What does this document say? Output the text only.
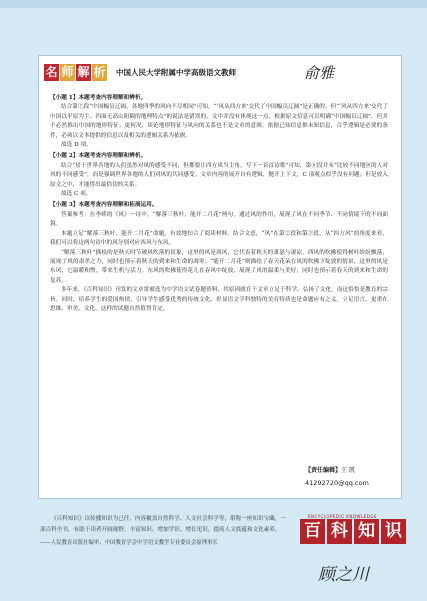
名 师 解 析 中国人民大学附属中学高级语文教师	俞雅

【小题 1】本题考查内容理解和辨析。

结合第⑦段“中国幅员辽阔，各地四季的风向不尽相同”可知，“‘风从四方来’交代了中国幅员辽阔”是正确的；但“‘风从四方来’交代了中国以平原为主、四面无高山阻隔的地理特点”的说法是错误的，文中并没有体现这一点。根据原文信息可以明确“中国幅员辽阔”，但并不必然推出中国的地形特征；更何况，谈论地形特征与风向的关系也不是文章的意图。依据已知信息推未知信息，合乎逻辑是必要的条件，必须以文本提供的信息以及相关的逻辑关系为依据。

故选 D 项。

【小题 2】本题考查内容理解和辨析。

结合“居于世界各地的人们虽然对风的感受不同，但都要让四方风当主角，写下一首首诗歌”可知，第⑥段并未“比较不同地区的人对风的不同感受”，而是强调世界各地的人们对风的共同感受。文章内容的展开自有逻辑，抛开上下文，C 项观点似乎没有问题；但是放入原文之中，才能得出最恰切的关系。

故选 C 项。

【小题 3】本题考查内容理解和拓展运用。

答案参考：在李峤的《风》一诗中，“解落三秋叶，能开二月花”两句，通过风的作用，展现了风在不同季节、不同情境下的不同面貌。

本题立足“解落三秋叶，能开二月花”命题，有效地扣合了阅读材料。结合文意，“风”在第②段和第③段，从“四方风”的角度来看，我们可以将这两句诗中的风分别对应西风与东风。

“解落三秋叶”描绘的是秋天时节被风吹落的景象，这里的风是西风，它代表着秋天的萧瑟与凄凉，西风的吹拂使得树叶纷纷飘落，展现了风的肃杀之力，同时也预示着秋天的到来和生命的凋零；“能开二月花”则描绘了春天花朵在风的吹拂下绽放的情景，这里的风是东风，它温暖和煦，带来生机与活力。东风的吹拂使得花儿在春风中绽放，展现了风的温柔与美好，同时也预示着春天的到来和生命的复苏。

多年来，《百科知识》刊发的文章常被选为中学语文试卷题资料，其原因就在于文章立足于科学、弘扬了文化，而这恰恰是教育的宗旨。同时，培养学生的爱国热情、引导学生感受优秀的传统文化、彰显语文学科独特的美育特质也是命题应有之义。立足语言、更重在思维、审美、文化，这样的试题自然值得肯定。

【责任编辑】王 凯
41292720@qq.com

《百科知识》以传播知识为己任，内容覆盖自然科学、人文社会科学等，堪称一座知识宝藏，一部百科全书，有助于读者开阔视野、丰富知识、增加学识、增长见识，提高人文底蕴和文化素养。

——人民教育出版社编审、中国教育学会中学语文教学专业委员会原理事长

ENCYCLOPEDIC KNOWLEDGE
百 科 知 识
顾之川
